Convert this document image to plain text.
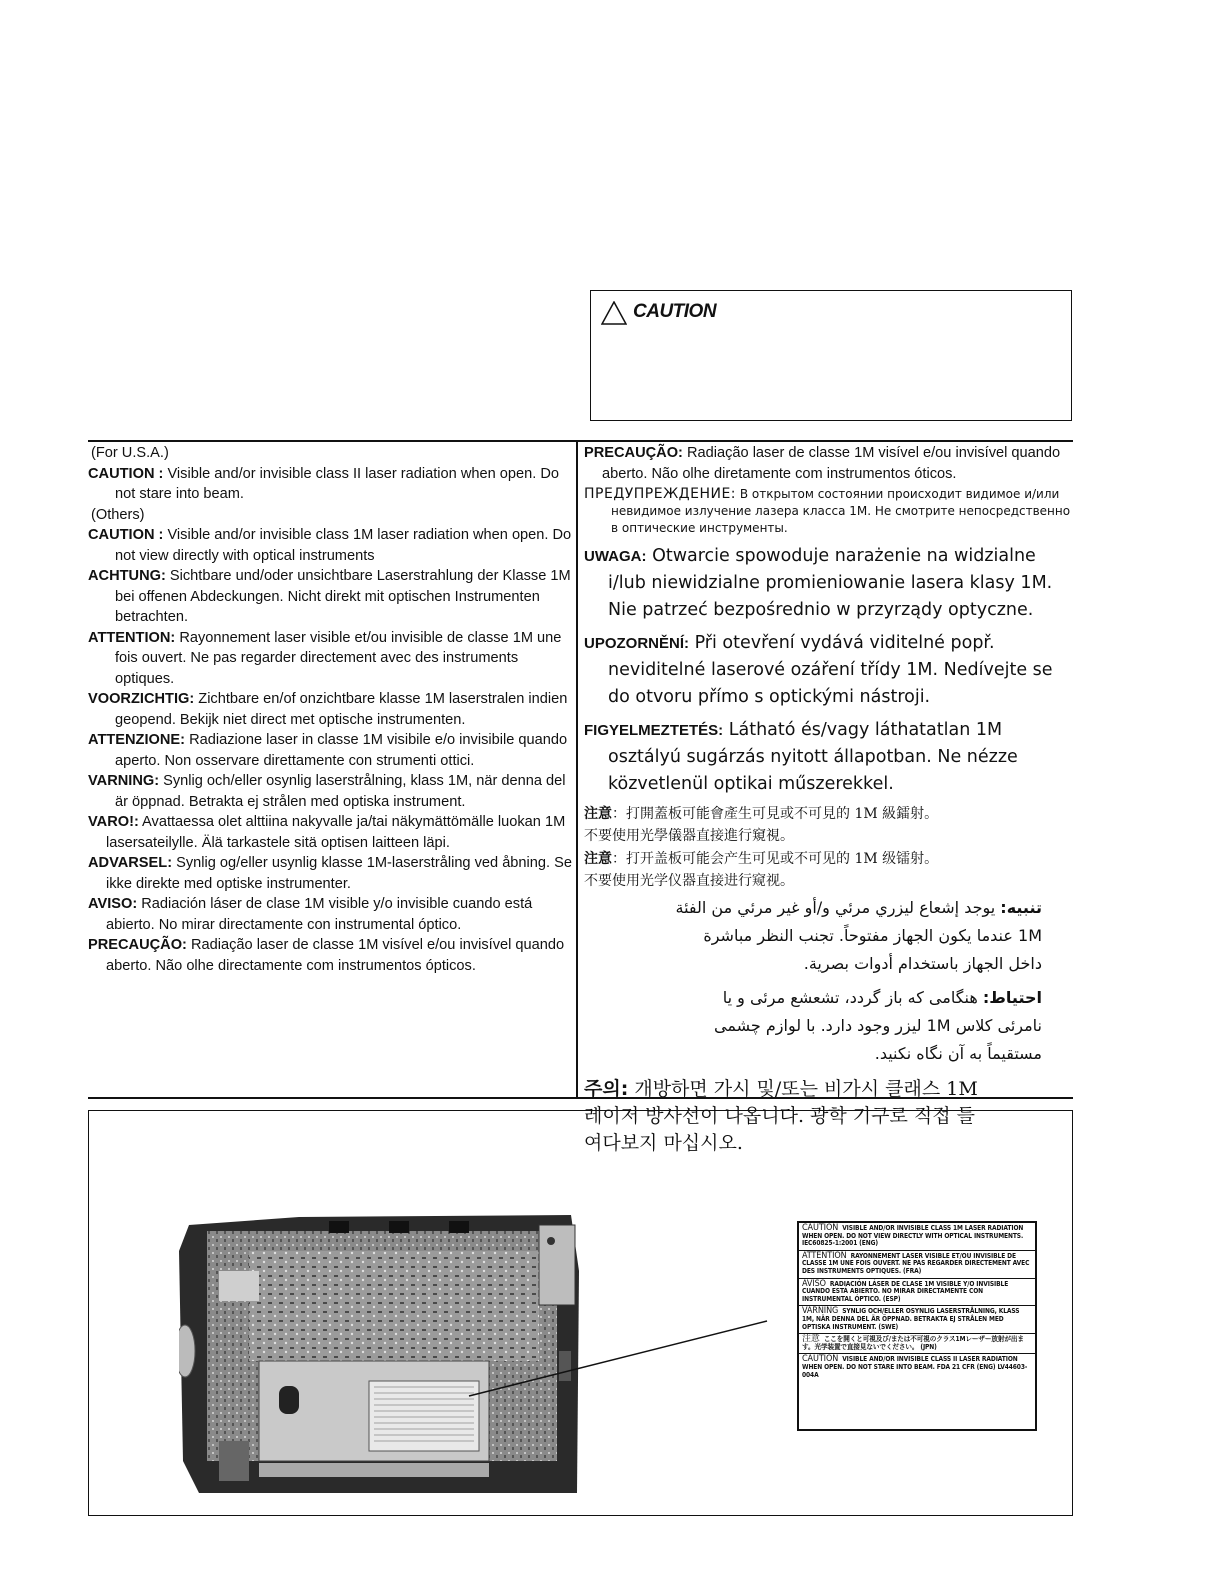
CAUTION
(For U.S.A.)
CAUTION : Visible and/or invisible class II laser radiation when open. Do not stare into beam.
(Others)
CAUTION : Visible and/or invisible class 1M laser radiation when open. Do not view directly with optical instruments
ACHTUNG: Sichtbare und/oder unsichtbare Laserstrahlung der Klasse 1M bei offenen Abdeckungen. Nicht direkt mit optischen Instrumenten betrachten.
ATTENTION: Rayonnement laser visible et/ou invisible de classe 1M une fois ouvert. Ne pas regarder directement avec des instruments optiques.
VOORZICHTIG: Zichtbare en/of onzichtbare klasse 1M laserstralen indien geopend. Bekijk niet direct met optische instrumenten.
ATTENZIONE: Radiazione laser in classe 1M visibile e/o invisibile quando aperto. Non osservare direttamente con strumenti ottici.
VARNING: Synlig och/eller osynlig laserstrålning, klass 1M, när denna del är öppnad. Betrakta ej strålen med optiska instrument.
VARO!: Avattaessa olet alttiina nakyvalle ja/tai näkymättömälle luokan 1M lasersateilylle. Älä tarkastele sitä optisen laitteen läpi.
ADVARSEL: Synlig og/eller usynlig klasse 1M-laserstråling ved åbning. Se ikke direkte med optiske instrumenter.
AVISO: Radiación láser de clase 1M visible y/o invisible cuando está abierto. No mirar directamente con instrumental óptico.
PRECAUÇÃO: Radiação laser de classe 1M visível e/ou invisível quando aberto. Não olhe directamente com instrumentos ópticos.
PRECAUÇÃO: Radiação laser de classe 1M visível e/ou invisível quando aberto. Não olhe diretamente com instrumentos óticos.
ПРЕДУПРЕЖДЕНИЕ: В открытом состоянии происходит видимое и/или невидимое излучение лазера класса 1M. Не смотрите непосредственно в оптические инструменты.
UWAGA: Otwarcie spowoduje narażenie na widzialne i/lub niewidzialne promieniowanie lasera klasy 1M. Nie patrzeć bezpośrednio w przyrządy optyczne.
UPOZORNĚNÍ: Při otevření vydává viditelné popř. neviditelné laserové ozáření třídy 1M. Nedívejte se do otvoru přímo s optickými nástroji.
FIGYELMEZTETÉS: Látható és/vagy láthatatlan 1M osztályú sugárzás nyitott állapotban. Ne nézze közvetlenül optikai műszerekkel.
注意：打開蓋板可能會產生可見或不可見的 1M 級鐳射。
不要使用光學儀器直接進行窺視。
注意：打开盖板可能会产生可见或不可见的 1M 级镭射。
不要使用光学仪器直接进行窥视。
تنبيه: يوجد إشعاع ليزري مرئي و/أو غير مرئي من الفئة 1M عندما يكون الجهاز مفتوحاً. تجنب النظر مباشرة داخل الجهاز باستخدام أدوات بصرية.
احتیاط: هنگامی که باز گردد، تشعشع مرئی و یا نامرئی کلاس 1M لیزر وجود دارد. با لوازم چشمی مستقیماً به آن نگاه نکنید.
주의: 개방하면 가시 및/또는 비가시 클래스 1M 레이저 방사선이 나옵니다. 광학 기구로 직접 들여다보지 마십시오.
CAUTION VISIBLE AND/OR INVISIBLE CLASS 1M LASER RADIATION WHEN OPEN. DO NOT VIEW DIRECTLY WITH OPTICAL INSTRUMENTS. IEC60825-1:2001 (ENG)
ATTENTION RAYONNEMENT LASER VISIBLE ET/OU INVISIBLE DE CLASSE 1M UNE FOIS OUVERT. NE PAS REGARDER DIRECTEMENT AVEC DES INSTRUMENTS OPTIQUES. (FRA)
AVISO RADIACIÓN LÁSER DE CLASE 1M VISIBLE Y/O INVISIBLE CUANDO ESTÁ ABIERTO. NO MIRAR DIRECTAMENTE CON INSTRUMENTAL ÓPTICO. (ESP)
VARNING SYNLIG OCH/ELLER OSYNLIG LASERSTRÅLNING, KLASS 1M, NÄR DENNA DEL ÄR ÖPPNAD. BETRAKTA EJ STRÅLEN MED OPTISKA INSTRUMENT. (SWE)
注意 ここを開くと可視及び/または不可視のクラス1Mレーザー放射が出ます。光学装置で直接見ないでください。 (JPN)
CAUTION VISIBLE AND/OR INVISIBLE CLASS II LASER RADIATION WHEN OPEN. DO NOT STARE INTO BEAM. FDA 21 CFR (ENG) LV44603-004A
